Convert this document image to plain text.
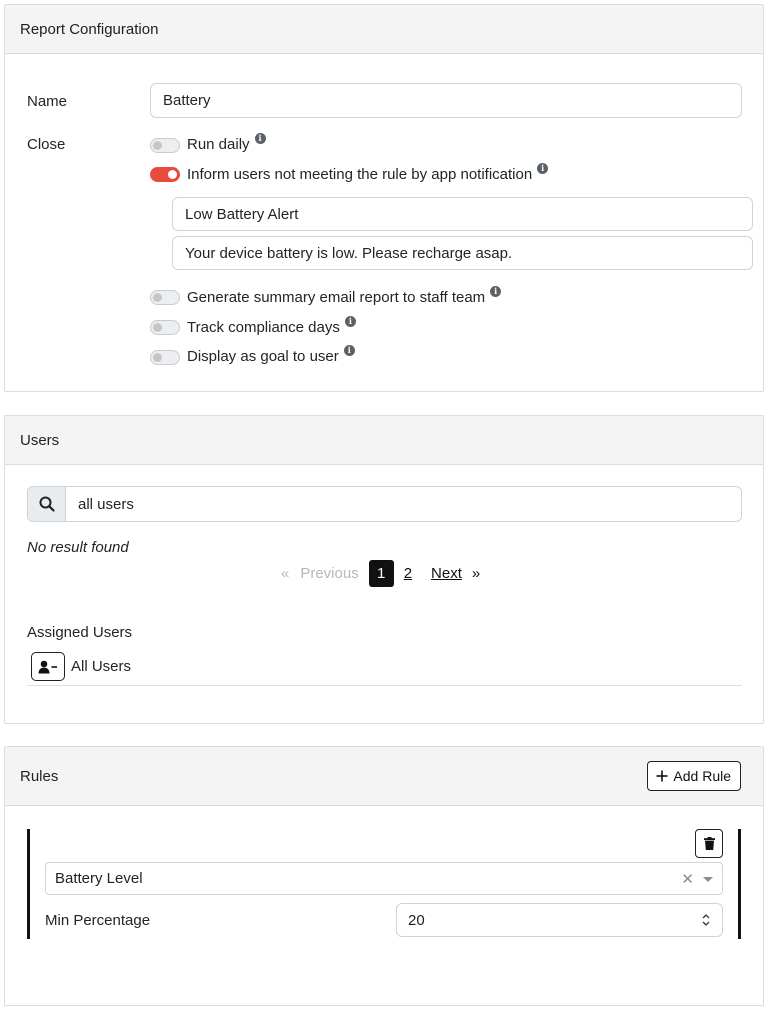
Report Configuration
Name	Battery
Close	Run daily	i
Inform users not meeting the rule by app notification	i
Low Battery Alert
Your device battery is low. Please recharge asap.
Generate summary email report to staff team	i
Track compliance days	i
Display as goal to user	i
Users
all users
No result found
« Previous	1	2 Next »
Assigned Users
All Users
Rules	Add Rule
Battery Level	✕
Min Percentage	20
